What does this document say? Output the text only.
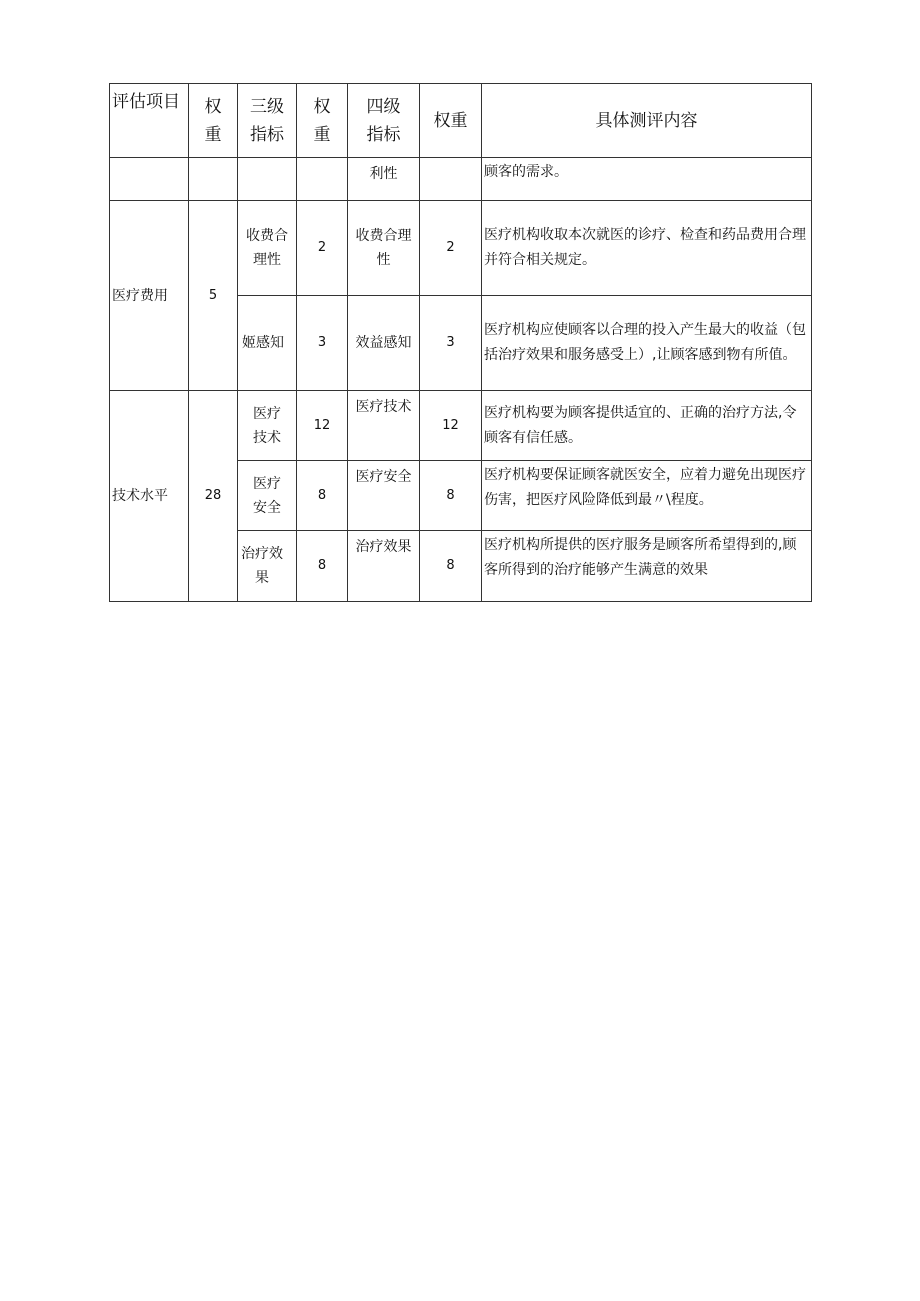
评估项目	权重	三级指标	权重	四级指标	权重	具体测评内容
				利性		顾客的需求。
医疗费用	5	收费合理性	2	收费合理性	2	医疗机构收取本次就医的诊疗、检查和药品费用合理并符合相关规定。
		姬感知	3	效益感知	3	医疗机构应使顾客以合理的投入产生最大的收益（包括治疗效果和服务感受上）,让顾客感到物有所值。
技术水平	28	医疗技术	12	医疗技术	12	医疗机构要为顾客提供适宜的、正确的治疗方法,令顾客有信任感。
		医疗安全	8	医疗安全	8	医疗机构要保证顾客就医安全，应着力避免出现医疗伤害，把医疗风险降低到最〃\程度。
		治疗效果	8	治疗效果	8	医疗机构所提供的医疗服务是顾客所希望得到的,顾客所得到的治疗能够产生满意的效果
